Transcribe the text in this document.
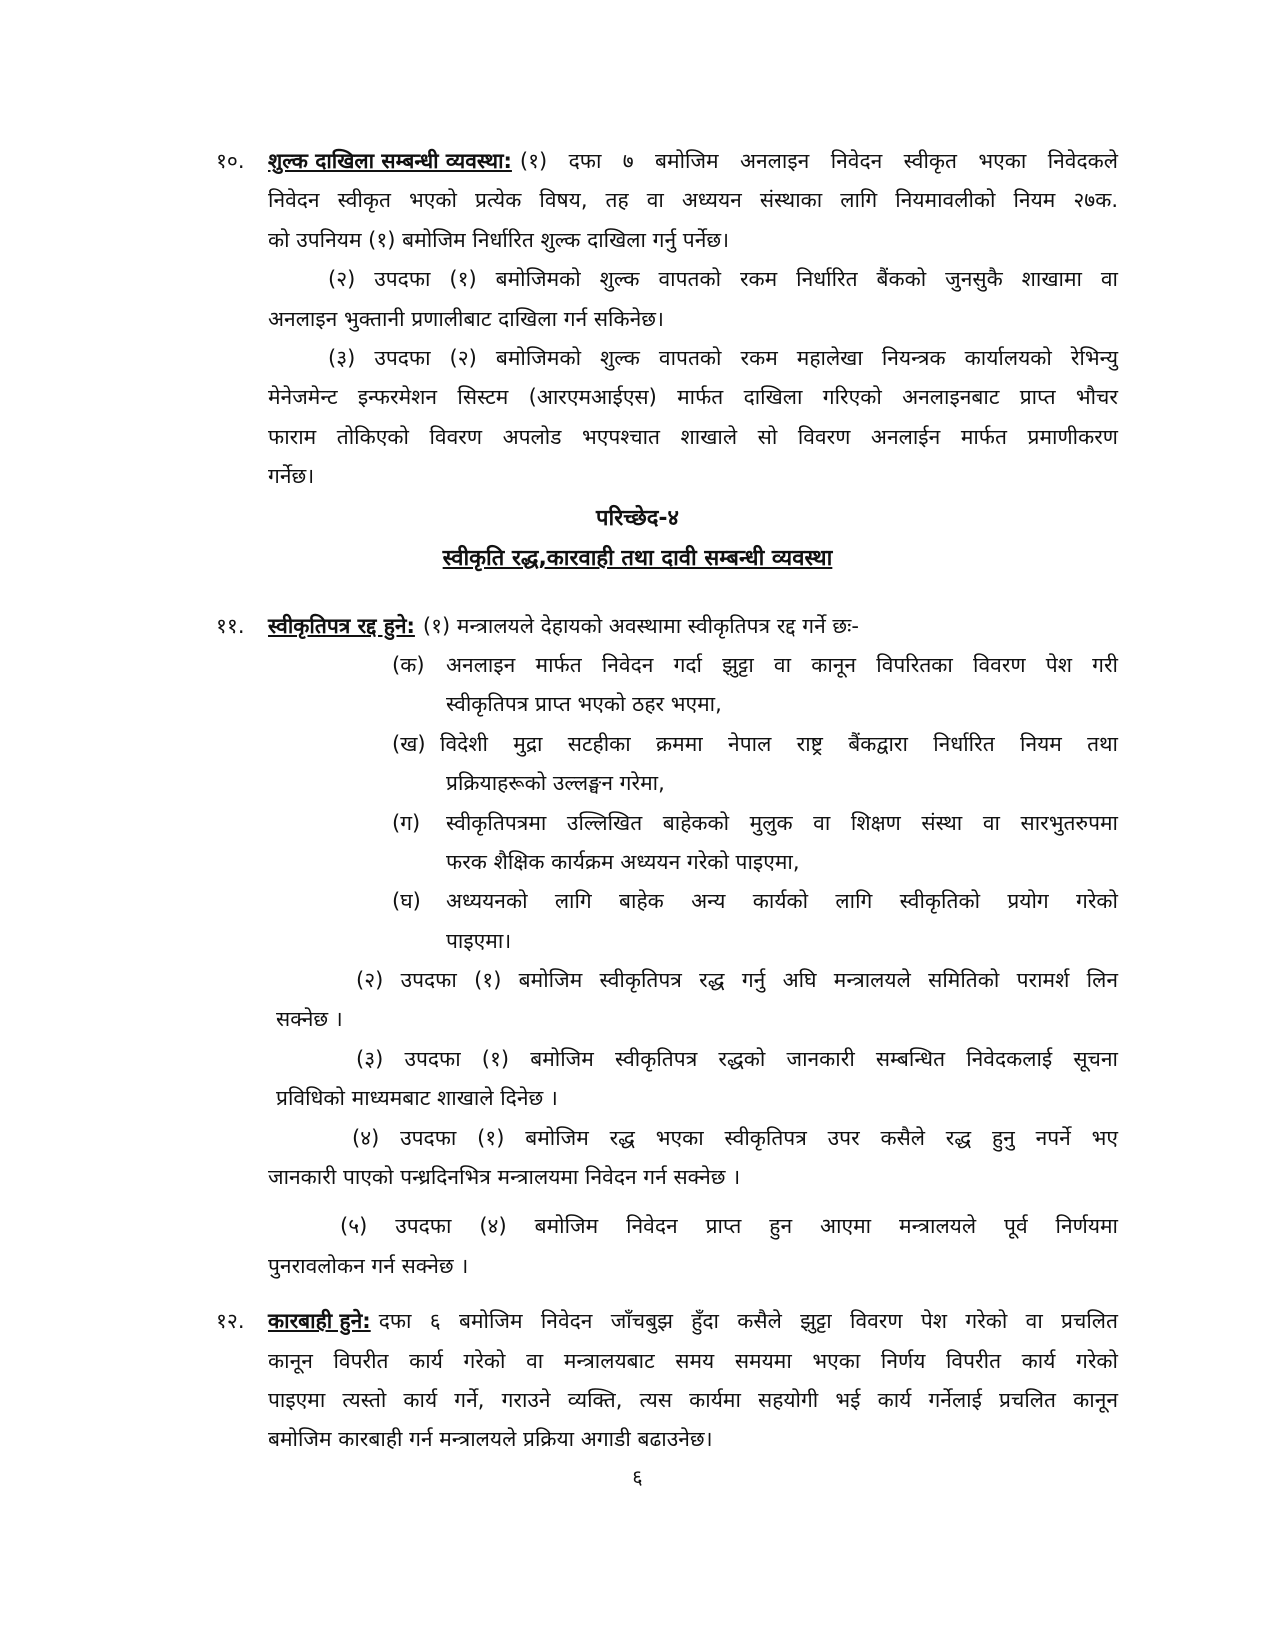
१०. शुल्क दाखिला सम्बन्धी व्यवस्था: (१) दफा ७ बमोजिम अनलाइन निवेदन स्वीकृत भएका निवेदकले
निवेदन स्वीकृत भएको प्रत्येक विषय, तह वा अध्ययन संस्थाका लागि नियमावलीको नियम २७क.
को उपनियम (१) बमोजिम निर्धारित शुल्क दाखिला गर्नु पर्नेछ।
(२) उपदफा (१) बमोजिमको शुल्क वापतको रकम निर्धारित बैंकको जुनसुकै शाखामा वा
अनलाइन भुक्तानी प्रणालीबाट दाखिला गर्न सकिनेछ।
(३) उपदफा (२) बमोजिमको शुल्क वापतको रकम महालेखा नियन्त्रक कार्यालयको रेभिन्यु
मेनेजमेन्ट इन्फरमेशन सिस्टम (आरएमआईएस) मार्फत दाखिला गरिएको अनलाइनबाट प्राप्त भौचर
फाराम तोकिएको विवरण अपलोड भएपश्चात शाखाले सो विवरण अनलाईन मार्फत प्रमाणीकरण
गर्नेछ।
परिच्छेद-४
स्वीकृति रद्ध,कारवाही तथा दावी सम्बन्धी व्यवस्था
११. स्वीकृतिपत्र रद्द हुने: (१) मन्त्रालयले देहायको अवस्थामा स्वीकृतिपत्र रद्द गर्ने छः-
(क) अनलाइन मार्फत निवेदन गर्दा झुट्टा वा कानून विपरितका विवरण पेश गरी
स्वीकृतिपत्र प्राप्त भएको ठहर भएमा,
(ख) विदेशी मुद्रा सटहीका क्रममा नेपाल राष्ट्र बैंकद्वारा निर्धारित नियम तथा
प्रक्रियाहरूको उल्लङ्घन गरेमा,
(ग) स्वीकृतिपत्रमा उल्लिखित बाहेकको मुलुक वा शिक्षण संस्था वा सारभुतरुपमा
फरक शैक्षिक कार्यक्रम अध्ययन गरेको पाइएमा,
(घ) अध्ययनको लागि बाहेक अन्य कार्यको लागि स्वीकृतिको प्रयोग गरेको
पाइएमा।
(२) उपदफा (१) बमोजिम स्वीकृतिपत्र रद्ध गर्नु अघि मन्त्रालयले समितिको परामर्श लिन
सक्नेछ ।
(३) उपदफा (१) बमोजिम स्वीकृतिपत्र रद्धको जानकारी सम्बन्धित निवेदकलाई सूचना
प्रविधिको माध्यमबाट शाखाले दिनेछ ।
(४) उपदफा (१) बमोजिम रद्ध भएका स्वीकृतिपत्र उपर कसैले रद्ध हुनु नपर्ने भए
जानकारी पाएको पन्ध्रदिनभित्र मन्त्रालयमा निवेदन गर्न सक्नेछ ।
(५) उपदफा (४) बमोजिम निवेदन प्राप्त हुन आएमा मन्त्रालयले पूर्व निर्णयमा
पुनरावलोकन गर्न सक्नेछ ।
१२. कारबाही हुने: दफा ६ बमोजिम निवेदन जाँचबुझ हुँदा कसैले झुट्टा विवरण पेश गरेको वा प्रचलित
कानून विपरीत कार्य गरेको वा मन्त्रालयबाट समय समयमा भएका निर्णय विपरीत कार्य गरेको
पाइएमा त्यस्तो कार्य गर्ने, गराउने व्यक्ति, त्यस कार्यमा सहयोगी भई कार्य गर्नेलाई प्रचलित कानून
बमोजिम कारबाही गर्न मन्त्रालयले प्रक्रिया अगाडी बढाउनेछ।
६
